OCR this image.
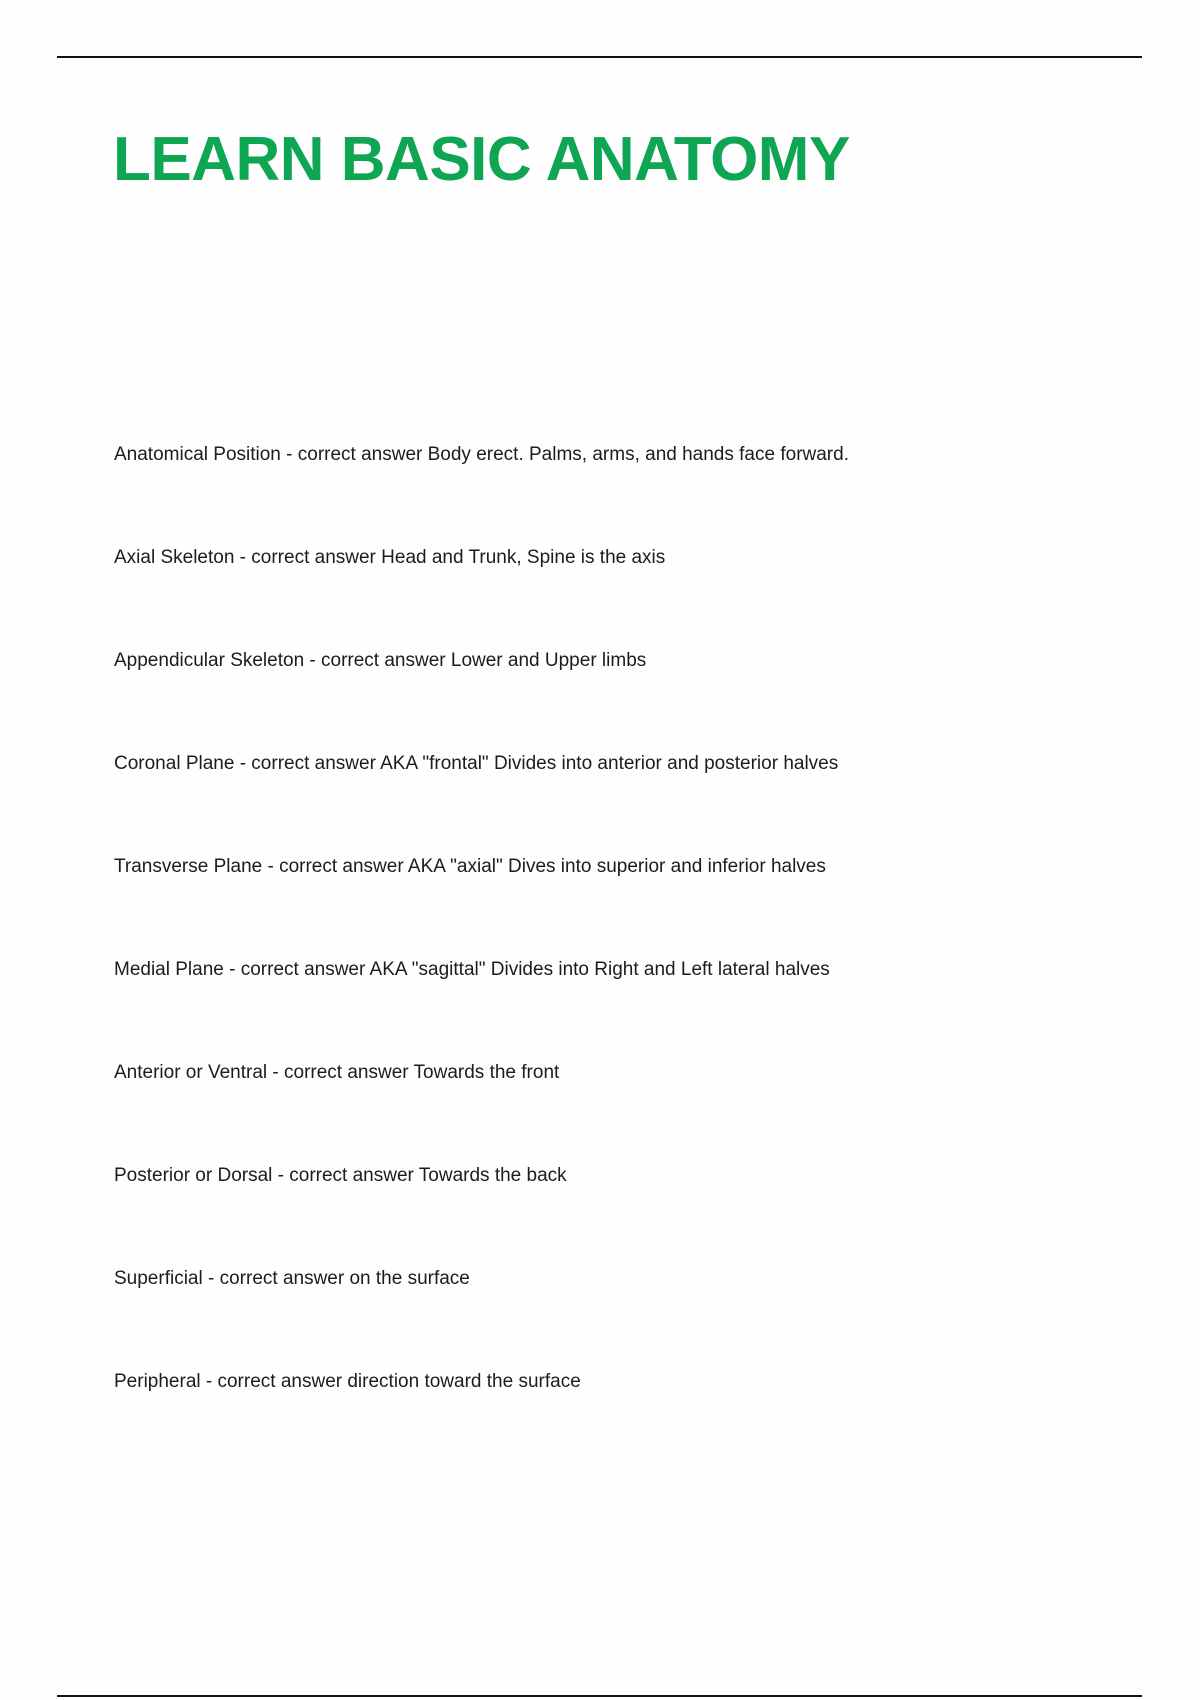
LEARN BASIC ANATOMY

Anatomical Position - correct answer Body erect. Palms, arms, and hands face forward.

Axial Skeleton - correct answer Head and Trunk, Spine is the axis

Appendicular Skeleton - correct answer Lower and Upper limbs

Coronal Plane - correct answer AKA "frontal" Divides into anterior and posterior halves

Transverse Plane - correct answer AKA "axial" Dives into superior and inferior halves

Medial Plane - correct answer AKA "sagittal" Divides into Right and Left lateral halves

Anterior or Ventral - correct answer Towards the front

Posterior or Dorsal - correct answer Towards the back

Superficial - correct answer on the surface

Peripheral - correct answer direction toward the surface
